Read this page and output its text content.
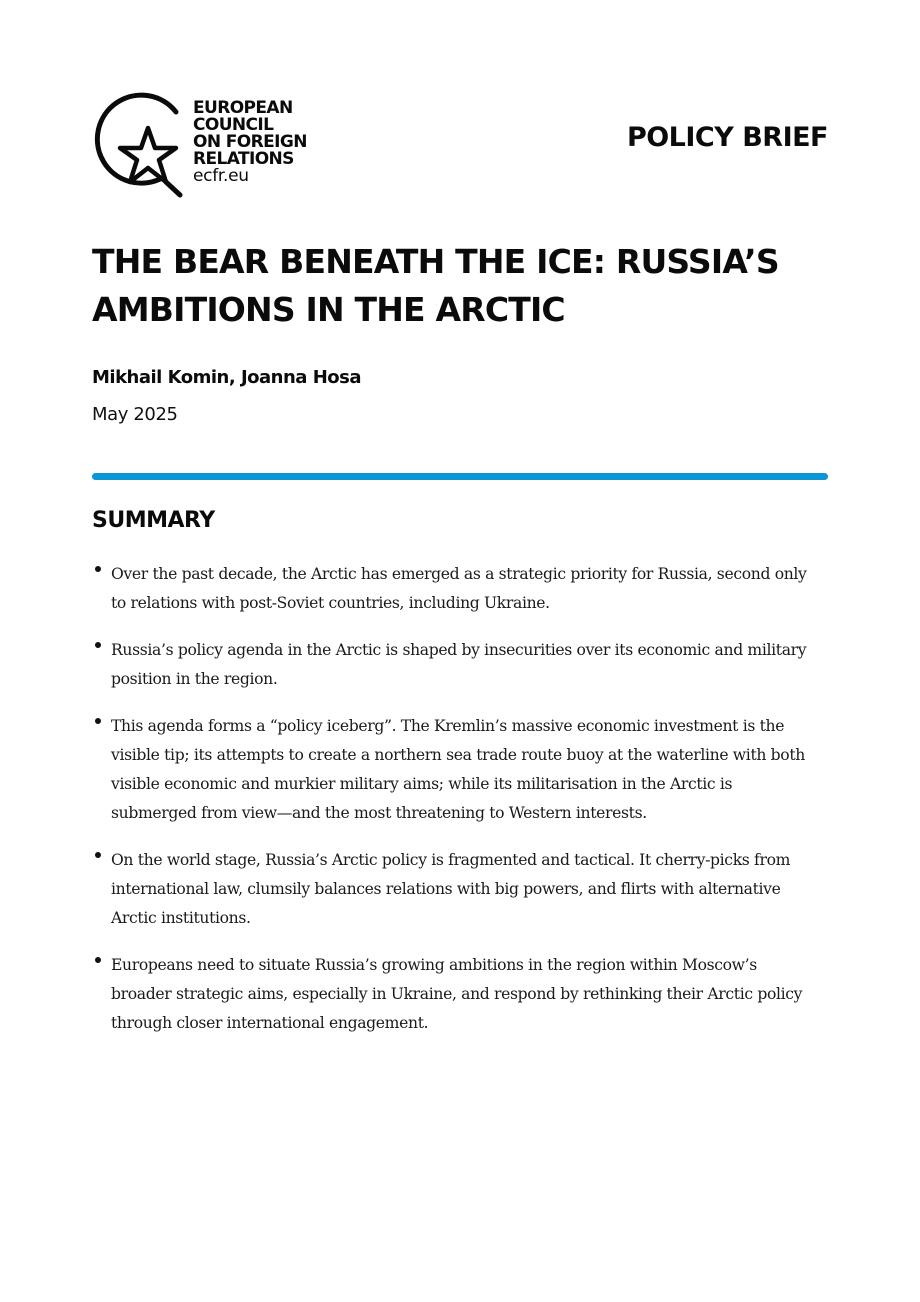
EUROPEAN
COUNCIL
ON FOREIGN
RELATIONS
ecfr.eu
POLICY BRIEF
THE BEAR BENEATH THE ICE: RUSSIA’S
AMBITIONS IN THE ARCTIC
Mikhail Komin, Joanna Hosa
May 2025
SUMMARY
Over the past decade, the Arctic has emerged as a strategic priority for Russia, second only
to relations with post-Soviet countries, including Ukraine.
Russia’s policy agenda in the Arctic is shaped by insecurities over its economic and military
position in the region.
This agenda forms a “policy iceberg”. The Kremlin’s massive economic investment is the
visible tip; its attempts to create a northern sea trade route buoy at the waterline with both
visible economic and murkier military aims; while its militarisation in the Arctic is
submerged from view—and the most threatening to Western interests.
On the world stage, Russia’s Arctic policy is fragmented and tactical. It cherry-picks from
international law, clumsily balances relations with big powers, and flirts with alternative
Arctic institutions.
Europeans need to situate Russia’s growing ambitions in the region within Moscow’s
broader strategic aims, especially in Ukraine, and respond by rethinking their Arctic policy
through closer international engagement.
